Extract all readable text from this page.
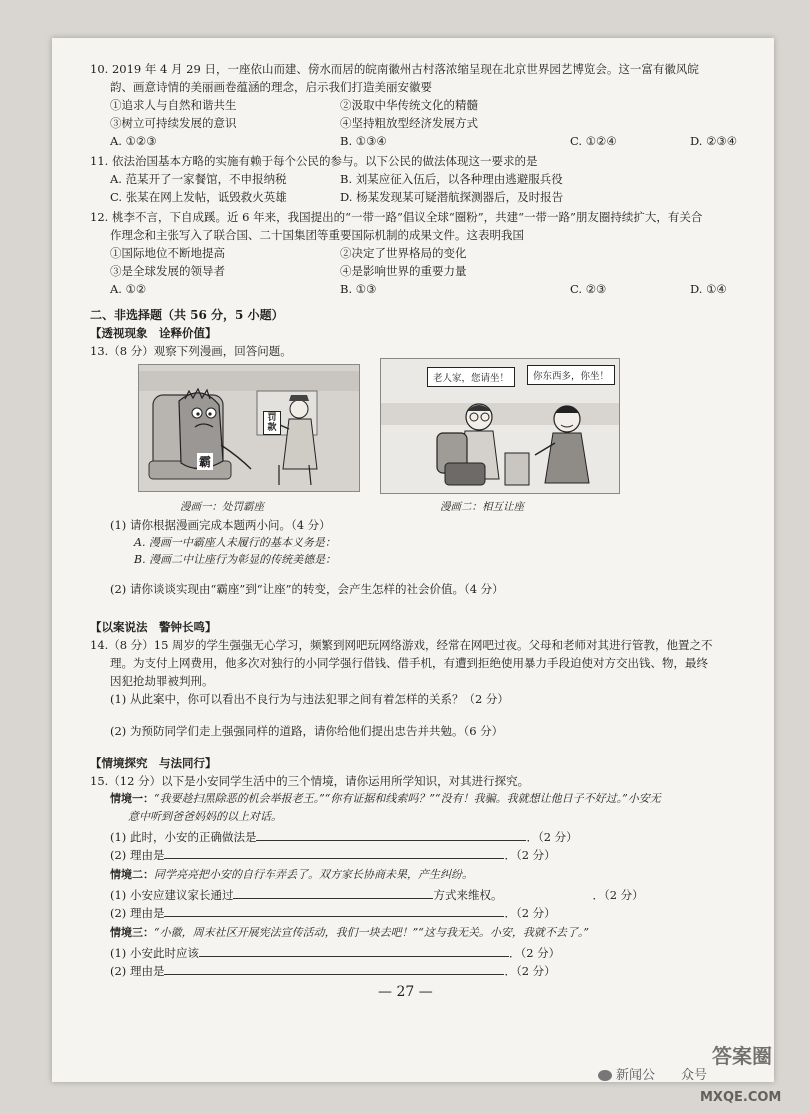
10. 2019 年 4 月 29 日，一座依山而建、傍水而居的皖南徽州古村落浓缩呈现在北京世界园艺博览会。这一富有徽风皖
韵、画意诗情的美丽画卷蕴涵的理念，启示我们打造美丽安徽要
①追求人与自然和谐共生	②汲取中华传统文化的精髓
③树立可持续发展的意识	④坚持粗放型经济发展方式
A. ①②③	B. ①③④	C. ①②④	D. ②③④
11. 依法治国基本方略的实施有赖于每个公民的参与。以下公民的做法体现这一要求的是
A. 范某开了一家餐馆，不申报纳税	B. 刘某应征入伍后，以各种理由逃避服兵役
C. 张某在网上发帖，诋毁救火英雄	D. 杨某发现某可疑潜航探测器后，及时报告
12. 桃李不言，下自成蹊。近 6 年来，我国提出的“一带一路”倡议全球“圈粉”，共建“一带一路”朋友圈持续扩大，有关合
作理念和主张写入了联合国、二十国集团等重要国际机制的成果文件。这表明我国
①国际地位不断地提高	②决定了世界格局的变化
③是全球发展的领导者	④是影响世界的重要力量
A. ①②	B. ①③	C. ②③	D. ①④
二、非选择题（共 56 分，5 小题）
【透视现象　诠释价值】
13.（8 分）观察下列漫画，回答问题。
霸
罚款
老人家，您请坐！	你东西多，你坐！
漫画一：处罚霸座	漫画二：相互让座
(1) 请你根据漫画完成本题两小问。（4 分）
A. 漫画一中霸座人未履行的基本义务是：
B. 漫画二中让座行为彰显的传统美德是：
(2) 请你谈谈实现由“霸座”到“让座”的转变，会产生怎样的社会价值。（4 分）
【以案说法　警钟长鸣】
14.（8 分）15 周岁的学生强强无心学习，频繁到网吧玩网络游戏，经常在网吧过夜。父母和老师对其进行管教，他置之不
理。为支付上网费用，他多次对独行的小同学强行借钱、借手机，有遭到拒绝使用暴力手段迫使对方交出钱、物，最终
因犯抢劫罪被判刑。
(1) 从此案中，你可以看出不良行为与违法犯罪之间有着怎样的关系？（2 分）
(2) 为预防同学们走上强强同样的道路，请你给他们提出忠告并共勉。（6 分）
【情境探究　与法同行】
15.（12 分）以下是小安同学生活中的三个情境，请你运用所学知识，对其进行探究。
情境一：“我要趁扫黑除恶的机会举报老王。”“你有证据和线索吗？”“没有！我骗。我就想让他日子不好过。”小安无
意中听到爸爸妈妈的以上对话。
(1) 此时，小安的正确做法是	．（2 分）
(2) 理由是	．（2 分）
情境二：同学亮亮把小安的自行车弄丢了。双方家长协商未果，产生纠纷。
(1) 小安应建议家长通过	方式来维权。	．（2 分）
(2) 理由是	．（2 分）
情境三：“小徽，周末社区开展宪法宣传活动，我们一块去吧！”“这与我无关。小安，我就不去了。”
(1) 小安此时应该	．（2 分）
(2) 理由是	．（2 分）
— 27 —
新闻公　　众号
答案圈
MXQE.COM
